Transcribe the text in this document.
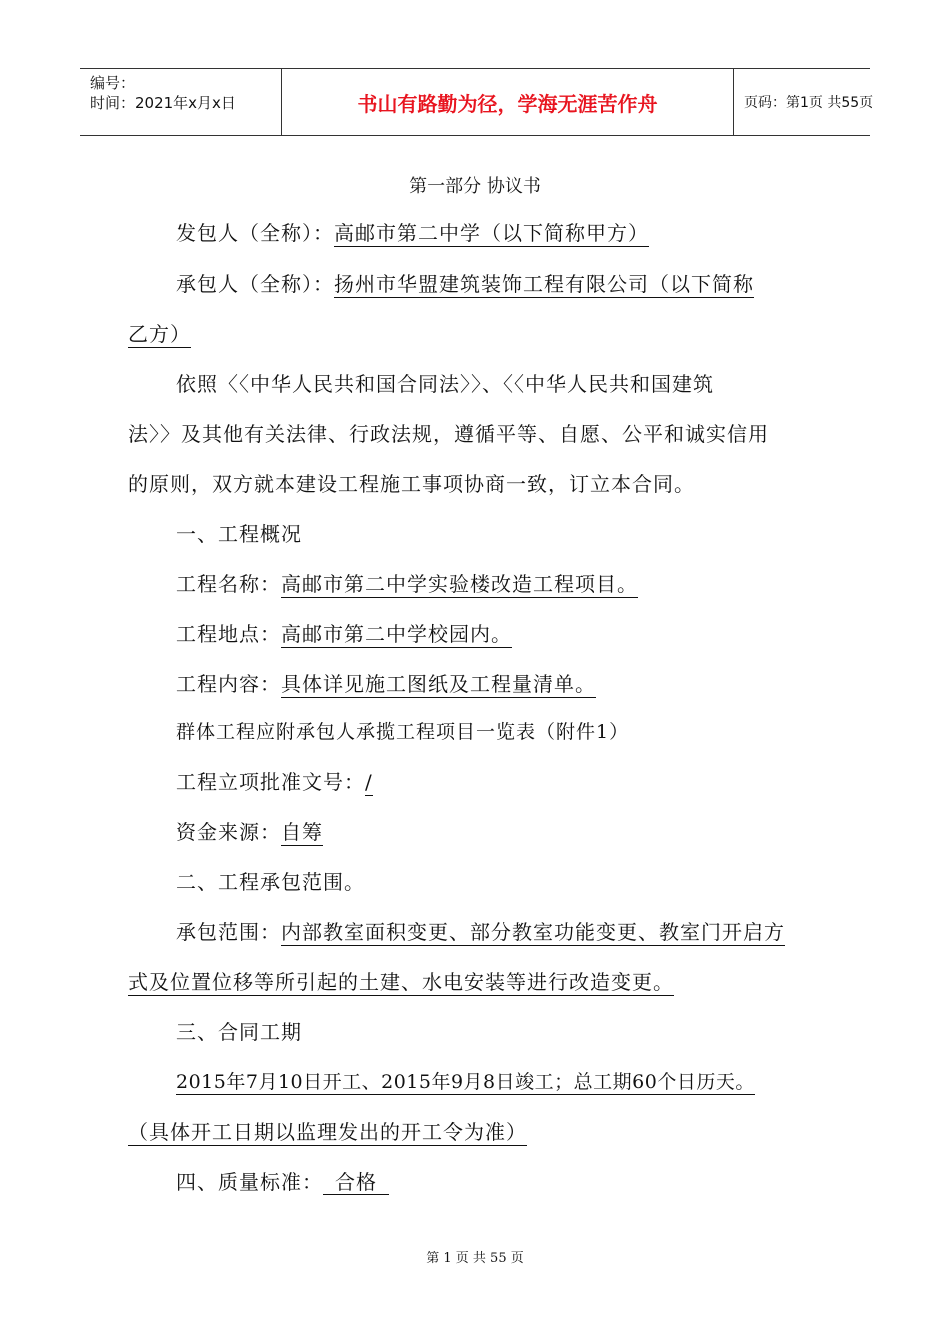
编号：
时间：2021年x月x日	书山有路勤为径，学海无涯苦作舟	页码：第1页 共55页
第一部分 协议书
发包人（全称）：高邮市第二中学（以下简称甲方）
承包人（全称）：扬州市华盟建筑装饰工程有限公司（以下简称
乙方）
依照〈〈中华人民共和国合同法〉〉、〈〈中华人民共和国建筑
法〉〉及其他有关法律、行政法规，遵循平等、自愿、公平和诚实信用
的原则，双方就本建设工程施工事项协商一致，订立本合同。
一、工程概况
工程名称：高邮市第二中学实验楼改造工程项目。
工程地点：高邮市第二中学校园内。
工程内容：具体详见施工图纸及工程量清单。
群体工程应附承包人承揽工程项目一览表（附件1）
工程立项批准文号：/
资金来源：自筹
二、工程承包范围。
承包范围：内部教室面积变更、部分教室功能变更、教室门开启方
式及位置位移等所引起的土建、水电安装等进行改造变更。
三、合同工期
2015年7月10日开工、2015年9月8日竣工；总工期60个日历天。
（具体开工日期以监理发出的开工令为准）
四、质量标准： 合格
第 1 页 共 55 页
